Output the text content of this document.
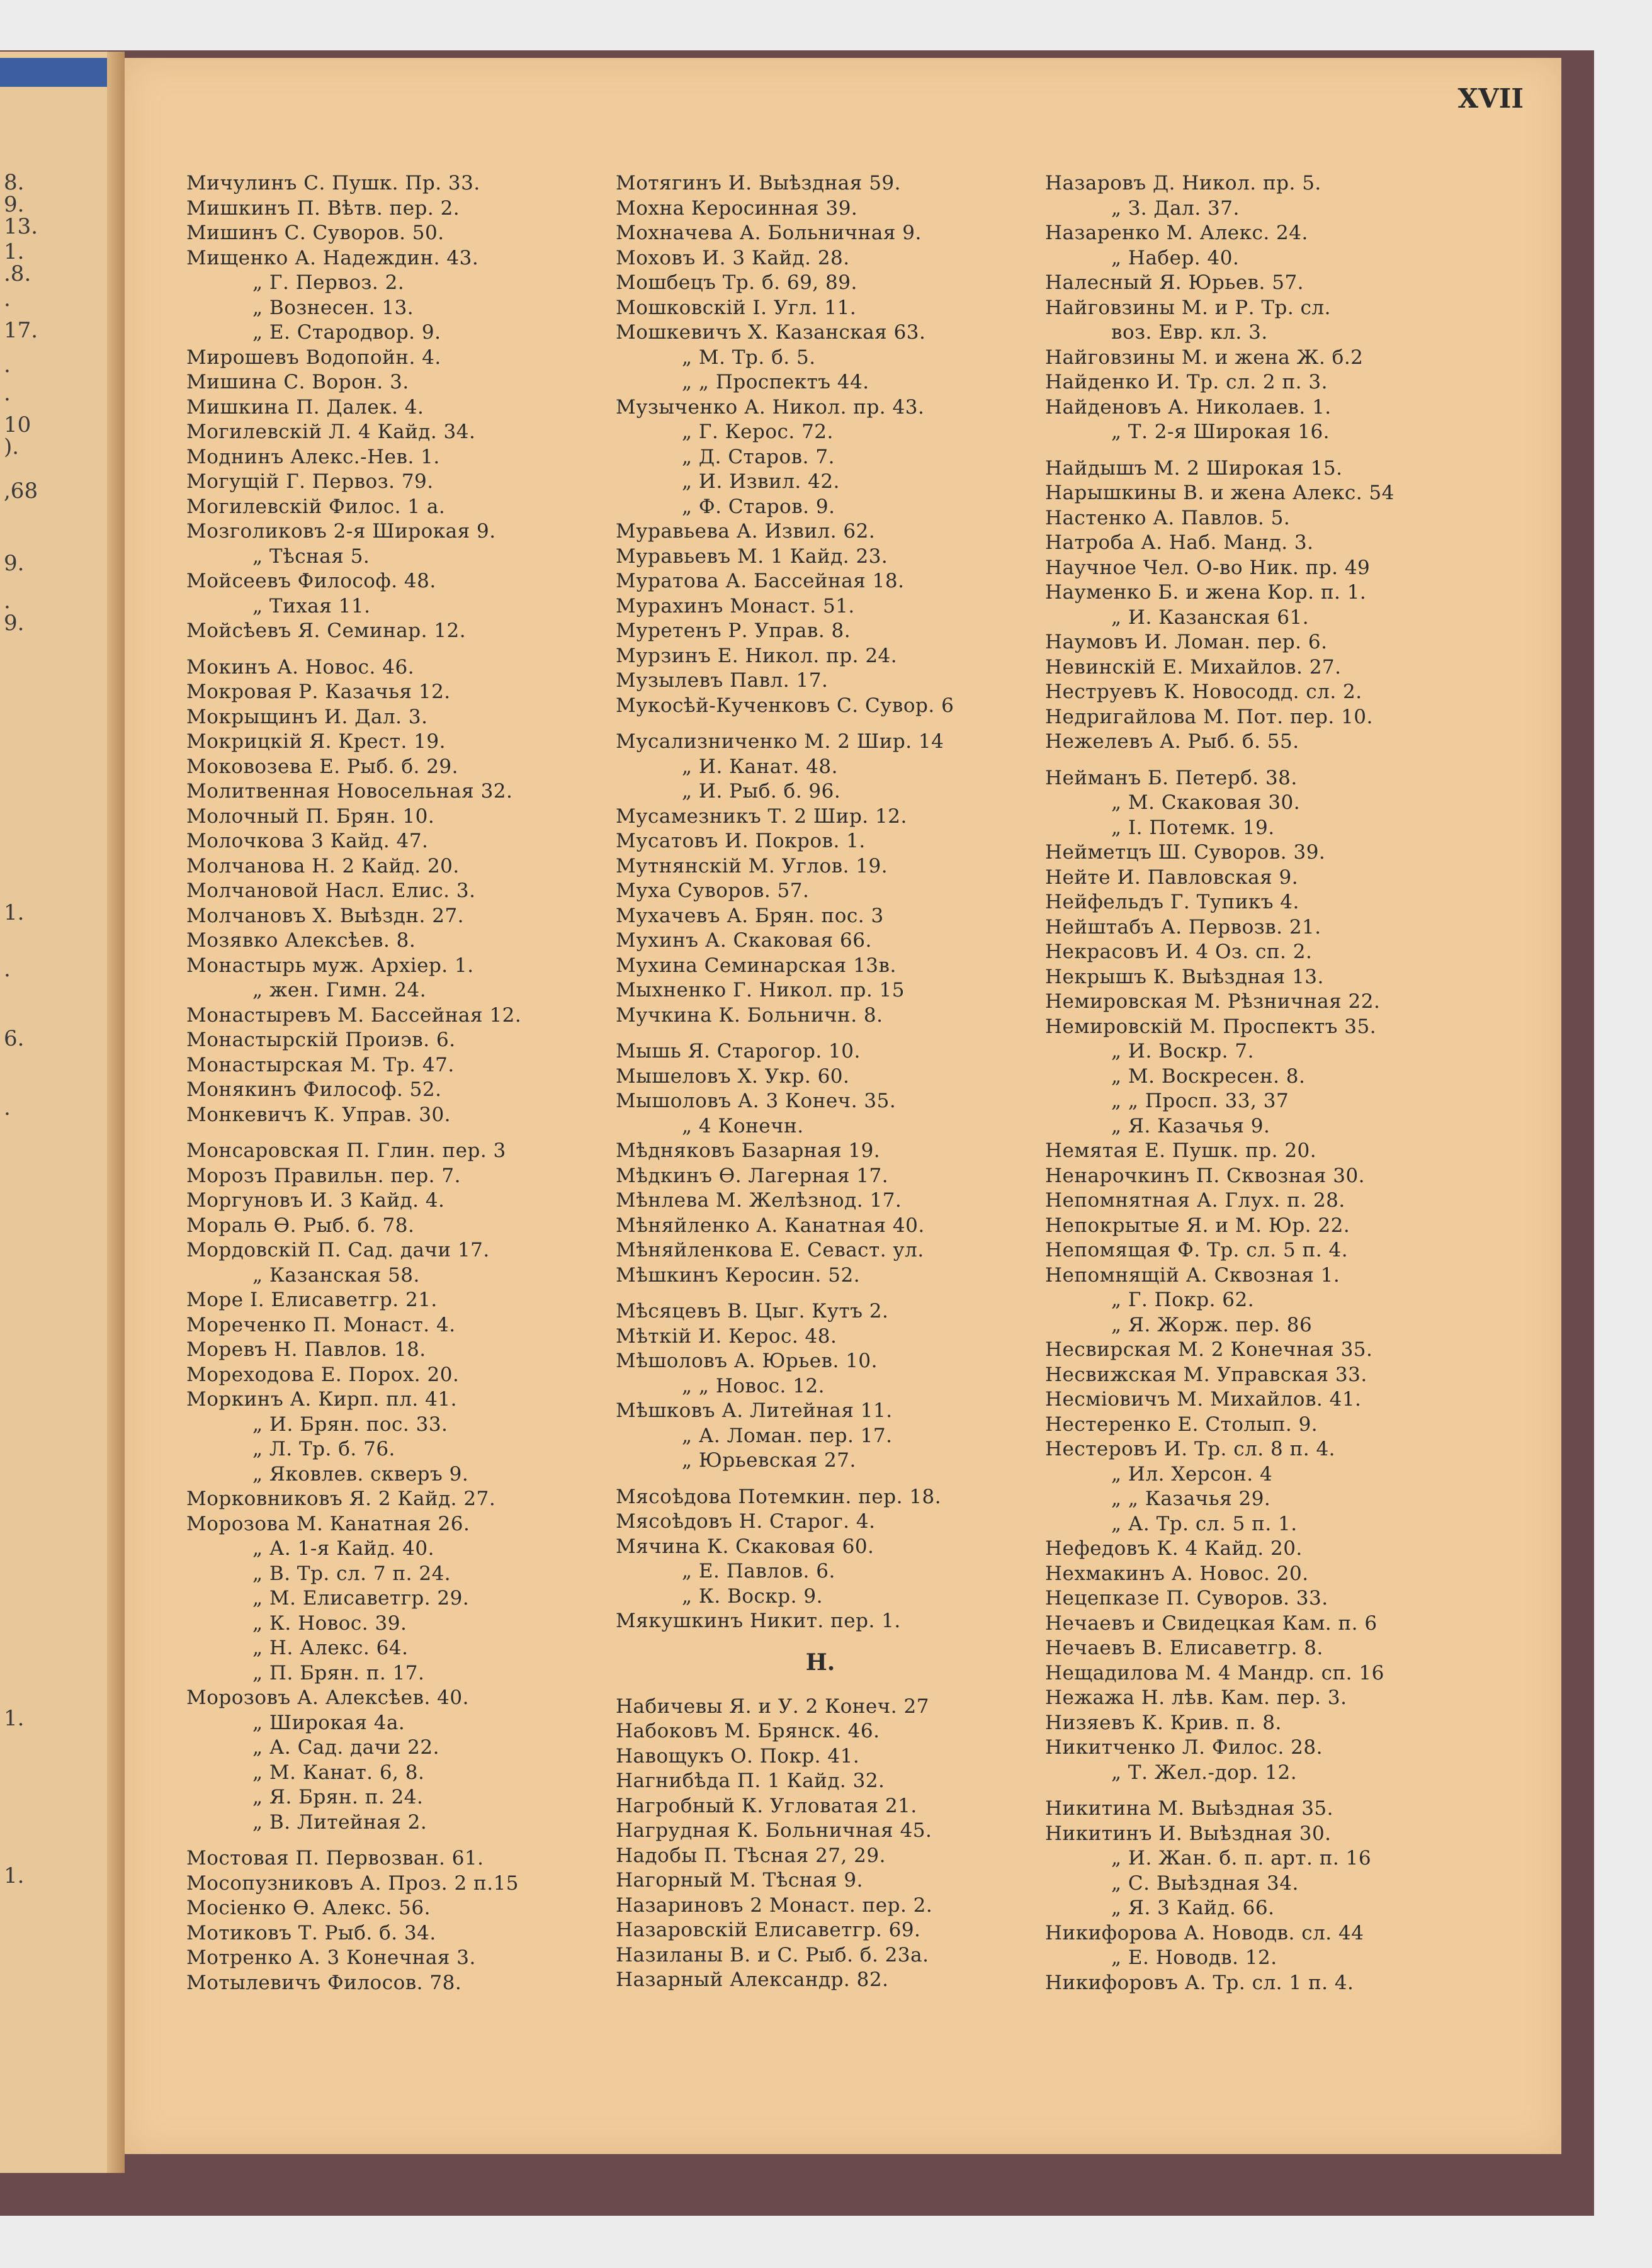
8.
9.
13.
1.
.8.
.
17.
.
.
10
).
,68
9.
.
9.
1.
.
6.
.
1.
1.
XVII
Мичулинъ С. Пушк. Пр. 33.
Мишкинъ П. Вѣтв. пер. 2.
Мишинъ С. Суворов. 50.
Мищенко А. Надеждин. 43.
„ Г. Первоз. 2.
„ Вознесен. 13.
„ Е. Стародвор. 9.
Мирошевъ Водопойн. 4.
Мишина С. Ворон. 3.
Мишкина П. Далек. 4.
Могилевскій Л. 4 Кайд. 34.
Моднинъ Алекс.-Нев. 1.
Могущій Г. Первоз. 79.
Могилевскій Филос. 1 а.
Мозголиковъ 2-я Широкая 9.
„ Тѣсная 5.
Мойсеевъ Философ. 48.
„ Тихая 11.
Мойсѣевъ Я. Семинар. 12.
Мокинъ А. Новос. 46.
Мокровая Р. Казачья 12.
Мокрыщинъ И. Дал. 3.
Мокрицкій Я. Крест. 19.
Моковозева Е. Рыб. б. 29.
Молитвенная Новосельная 32.
Молочный П. Брян. 10.
Молочкова 3 Кайд. 47.
Молчанова Н. 2 Кайд. 20.
Молчановой Насл. Елис. 3.
Молчановъ Х. Выѣздн. 27.
Мозявко Алексѣев. 8.
Монастырь муж. Архіер. 1.
„ жен. Гимн. 24.
Монастыревъ М. Бассейная 12.
Монастырскій Проиэв. 6.
Монастырская М. Тр. 47.
Монякинъ Философ. 52.
Монкевичъ К. Управ. 30.
Монсаровская П. Глин. пер. 3
Морозъ Правильн. пер. 7.
Моргуновъ И. 3 Кайд. 4.
Мораль Ө. Рыб. б. 78.
Мордовскій П. Сад. дачи 17.
„ Казанская 58.
Море І. Елисаветгр. 21.
Мореченко П. Монаст. 4.
Моревъ Н. Павлов. 18.
Мореходова Е. Порох. 20.
Моркинъ А. Кирп. пл. 41.
„ И. Брян. пос. 33.
„ Л. Тр. б. 76.
„ Яковлев. скверъ 9.
Морковниковъ Я. 2 Кайд. 27.
Морозова М. Канатная 26.
„ А. 1-я Кайд. 40.
„ В. Тр. сл. 7 п. 24.
„ М. Елисаветгр. 29.
„ К. Новос. 39.
„ Н. Алекс. 64.
„ П. Брян. п. 17.
Морозовъ А. Алексѣев. 40.
„ Широкая 4а.
„ А. Сад. дачи 22.
„ М. Канат. 6, 8.
„ Я. Брян. п. 24.
„ В. Литейная 2.
Мостовая П. Первозван. 61.
Мосопузниковъ А. Проз. 2 п.15
Мосіенко Ө. Алекс. 56.
Мотиковъ Т. Рыб. б. 34.
Мотренко А. 3 Конечная 3.
Мотылевичъ Филосов. 78.
Мотягинъ И. Выѣздная 59.
Мохна Керосинная 39.
Мохначева А. Больничная 9.
Моховъ И. 3 Кайд. 28.
Мошбецъ Тр. б. 69, 89.
Мошковскій І. Угл. 11.
Мошкевичъ Х. Казанская 63.
„ М. Тр. б. 5.
„ „ Проспектъ 44.
Музыченко А. Никол. пр. 43.
„ Г. Керос. 72.
„ Д. Старов. 7.
„ И. Извил. 42.
„ Ф. Старов. 9.
Муравьева А. Извил. 62.
Муравьевъ М. 1 Кайд. 23.
Муратова А. Бассейная 18.
Мурахинъ Монаст. 51.
Муретенъ Р. Управ. 8.
Мурзинъ Е. Никол. пр. 24.
Музылевъ Павл. 17.
Мукосѣй-Кученковъ С. Сувор. 6
Мусализниченко М. 2 Шир. 14
„ И. Канат. 48.
„ И. Рыб. б. 96.
Мусамезникъ Т. 2 Шир. 12.
Мусатовъ И. Покров. 1.
Мутнянскій М. Углов. 19.
Муха Суворов. 57.
Мухачевъ А. Брян. пос. 3
Мухинъ А. Скаковая 66.
Мухина Семинарская 13в.
Мыхненко Г. Никол. пр. 15
Мучкина К. Больничн. 8.
Мышь Я. Старогор. 10.
Мышеловъ Х. Укр. 60.
Мышоловъ А. 3 Конеч. 35.
„ 4 Конечн.
Мѣдняковъ Базарная 19.
Мѣдкинъ Ө. Лагерная 17.
Мѣнлева М. Желѣзнод. 17.
Мѣняйленко А. Канатная 40.
Мѣняйленкова Е. Севаст. ул.
Мѣшкинъ Керосин. 52.
Мѣсяцевъ В. Цыг. Кутъ 2.
Мѣткій И. Керос. 48.
Мѣшоловъ А. Юрьев. 10.
„ „ Новос. 12.
Мѣшковъ А. Литейная 11.
„ А. Ломан. пер. 17.
„ Юрьевская 27.
Мясоѣдова Потемкин. пер. 18.
Мясоѣдовъ Н. Старог. 4.
Мячина К. Скаковая 60.
„ Е. Павлов. 6.
„ К. Воскр. 9.
Мякушкинъ Никит. пер. 1.
Н.
Набичевы Я. и У. 2 Конеч. 27
Набоковъ М. Брянск. 46.
Навощукъ О. Покр. 41.
Нагнибѣда П. 1 Кайд. 32.
Нагробный К. Угловатая 21.
Нагрудная К. Больничная 45.
Надобы П. Тѣсная 27, 29.
Нагорный М. Тѣсная 9.
Назариновъ 2 Монаст. пер. 2.
Назаровскій Елисаветгр. 69.
Назиланы В. и С. Рыб. б. 23а.
Назарный Александр. 82.
Назаровъ Д. Никол. пр. 5.
„ З. Дал. 37.
Назаренко М. Алекс. 24.
„ Набер. 40.
Налесный Я. Юрьев. 57.
Найговзины М. и Р. Тр. сл.
воз. Евр. кл. 3.
Найговзины М. и жена Ж. б.2
Найденко И. Тр. сл. 2 п. 3.
Найденовъ А. Николаев. 1.
„ Т. 2-я Широкая 16.
Найдышъ М. 2 Широкая 15.
Нарышкины В. и жена Алекс. 54
Настенко А. Павлов. 5.
Натроба А. Наб. Манд. 3.
Научное Чел. О-во Ник. пр. 49
Науменко Б. и жена Кор. п. 1.
„ И. Казанская 61.
Наумовъ И. Ломан. пер. 6.
Невинскій Е. Михайлов. 27.
Неструевъ К. Новосодд. сл. 2.
Недригайлова М. Пот. пер. 10.
Нежелевъ А. Рыб. б. 55.
Нейманъ Б. Петерб. 38.
„ М. Скаковая 30.
„ І. Потемк. 19.
Нейметцъ Ш. Суворов. 39.
Нейте И. Павловская 9.
Нейфельдъ Г. Тупикъ 4.
Нейштабъ А. Первозв. 21.
Некрасовъ И. 4 Оз. сп. 2.
Некрышъ К. Выѣздная 13.
Немировская М. Рѣзничная 22.
Немировскій М. Проспектъ 35.
„ И. Воскр. 7.
„ М. Воскресен. 8.
„ „ Просп. 33, 37
„ Я. Казачья 9.
Немятая Е. Пушк. пр. 20.
Ненарочкинъ П. Сквозная 30.
Непомнятная А. Глух. п. 28.
Непокрытые Я. и М. Юр. 22.
Непомящая Ф. Тр. сл. 5 п. 4.
Непомнящій А. Сквозная 1.
„ Г. Покр. 62.
„ Я. Жорж. пер. 86
Несвирская М. 2 Конечная 35.
Несвижская М. Управская 33.
Несміовичъ М. Михайлов. 41.
Нестеренко Е. Столып. 9.
Нестеровъ И. Тр. сл. 8 п. 4.
„ Ил. Херсон. 4
„ „ Казачья 29.
„ А. Тр. сл. 5 п. 1.
Нефедовъ К. 4 Кайд. 20.
Нехмакинъ А. Новос. 20.
Нецепказе П. Суворов. 33.
Нечаевъ и Свидецкая Кам. п. 6
Нечаевъ В. Елисаветгр. 8.
Нещадилова М. 4 Мандр. сп. 16
Нежажа Н. лѣв. Кам. пер. 3.
Низяевъ К. Крив. п. 8.
Никитченко Л. Филос. 28.
„ Т. Жел.-дор. 12.
Никитина М. Выѣздная 35.
Никитинъ И. Выѣздная 30.
„ И. Жан. б. п. арт. п. 16
„ С. Выѣздная 34.
„ Я. 3 Кайд. 66.
Никифорова А. Новодв. сл. 44
„ Е. Новодв. 12.
Никифоровъ А. Тр. сл. 1 п. 4.
